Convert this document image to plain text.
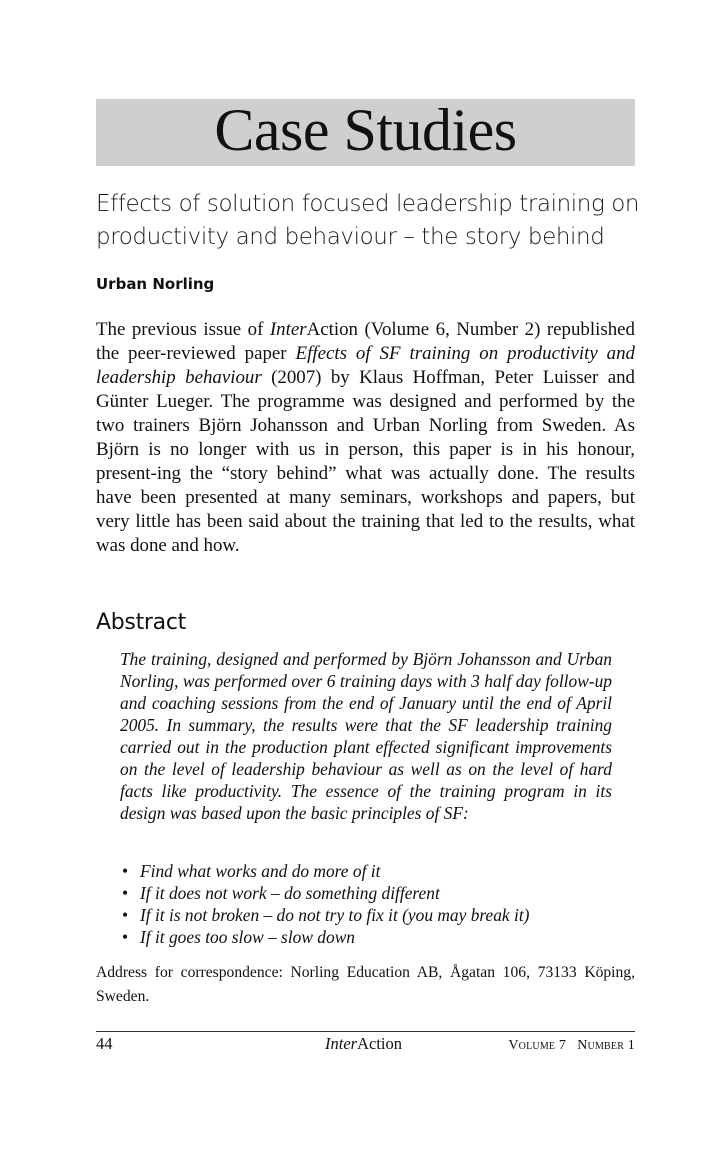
Case Studies
Effects of solution focused leadership training on
productivity and behaviour – the story behind
Urban Norling
The previous issue of InterAction (Volume 6, Number 2) republished the peer-reviewed paper Effects of SF training on productivity and leadership behaviour (2007) by Klaus Hoffman, Peter Luisser and Günter Lueger. The programme was designed and performed by the two trainers Björn Johansson and Urban Norling from Sweden. As Björn is no longer with us in person, this paper is in his honour, present-ing the “story behind” what was actually done. The results have been presented at many seminars, workshops and papers, but very little has been said about the training that led to the results, what was done and how.
Abstract
The training, designed and performed by Björn Johansson and Urban Norling, was performed over 6 training days with 3 half day follow-up and coaching sessions from the end of January until the end of April 2005. In summary, the results were that the SF leadership training carried out in the production plant effected significant improvements on the level of leadership behaviour as well as on the level of hard facts like productivity. The essence of the training program in its design was based upon the basic principles of SF:
• Find what works and do more of it
• If it does not work – do something different
• If it is not broken – do not try to fix it (you may break it)
• If it goes too slow – slow down
Address for correspondence: Norling Education AB, Ågatan 106, 73133 Köping, Sweden.
44	InterAction	Volume 7   Number 1
